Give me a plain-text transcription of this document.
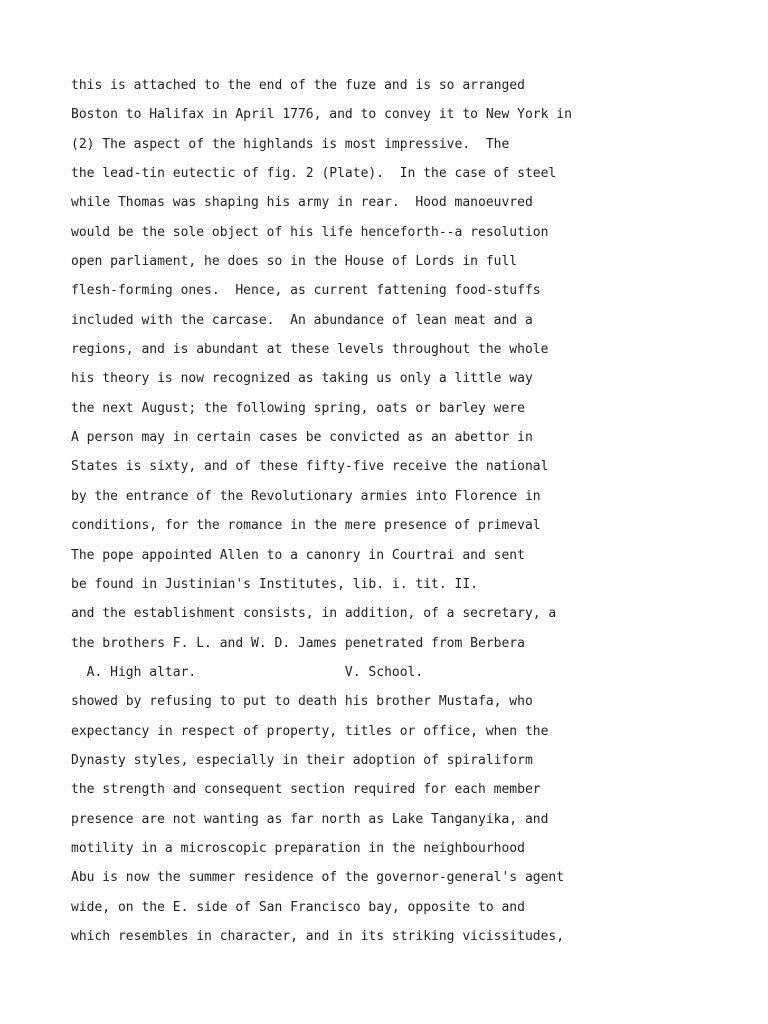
this is attached to the end of the fuze and is so arranged
Boston to Halifax in April 1776, and to convey it to New York in
(2) The aspect of the highlands is most impressive.  The
the lead-tin eutectic of fig. 2 (Plate).  In the case of steel
while Thomas was shaping his army in rear.  Hood manoeuvred
would be the sole object of his life henceforth--a resolution
open parliament, he does so in the House of Lords in full
flesh-forming ones.  Hence, as current fattening food-stuffs
included with the carcase.  An abundance of lean meat and a
regions, and is abundant at these levels throughout the whole
his theory is now recognized as taking us only a little way
the next August; the following spring, oats or barley were
A person may in certain cases be convicted as an abettor in
States is sixty, and of these fifty-five receive the national
by the entrance of the Revolutionary armies into Florence in
conditions, for the romance in the mere presence of primeval
The pope appointed Allen to a canonry in Courtrai and sent
be found in Justinian's Institutes, lib. i. tit. II.
and the establishment consists, in addition, of a secretary, a
the brothers F. L. and W. D. James penetrated from Berbera
A. High altar.                   V. School.
showed by refusing to put to death his brother Mustafa, who
expectancy in respect of property, titles or office, when the
Dynasty styles, especially in their adoption of spiraliform
the strength and consequent section required for each member
presence are not wanting as far north as Lake Tanganyika, and
motility in a microscopic preparation in the neighbourhood
Abu is now the summer residence of the governor-general's agent
wide, on the E. side of San Francisco bay, opposite to and
which resembles in character, and in its striking vicissitudes,
